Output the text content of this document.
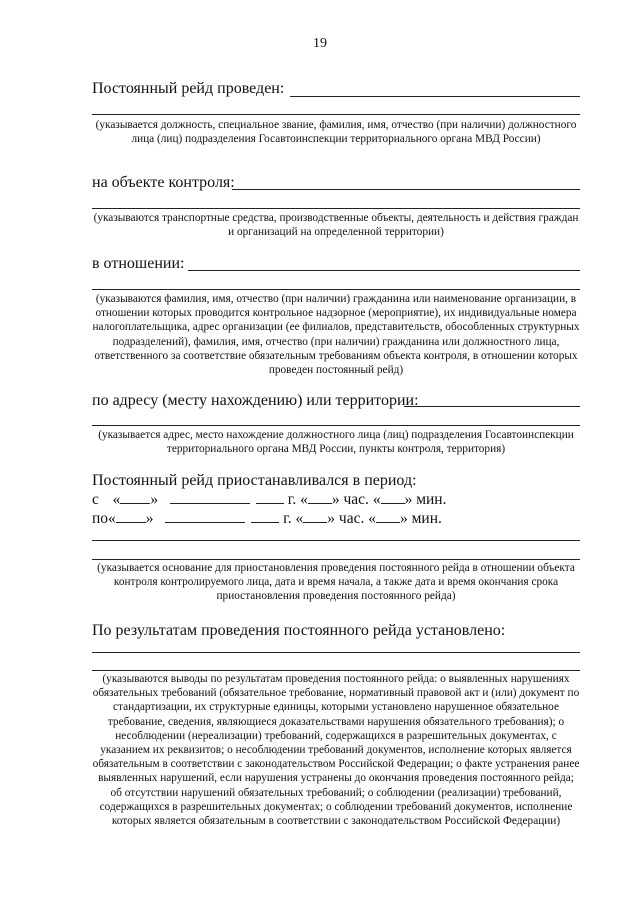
19
Постоянный рейд проведен:
(указывается должность, специальное звание, фамилия, имя, отчество (при наличии) должностного лица (лиц) подразделения Госавтоинспекции территориального органа МВД России)
на объекте контроля:
(указываются транспортные средства, производственные объекты, деятельность и действия граждан и организаций на определенной территории)
в отношении:
(указываются фамилия, имя, отчество (при наличии) гражданина или наименование организации, в отношении которых проводится контрольное надзорное (мероприятие), их индивидуальные номера налогоплательщика, адрес организации (ее филиалов, представительств, обособленных структурных подразделений), фамилия, имя, отчество (при наличии) гражданина или должностного лица, ответственного за соответствие обязательным требованиям объекта контроля, в отношении которых проведен постоянный рейд)
по адресу (месту нахождению) или территории:
(указывается адрес, место нахождение должностного лица (лиц) подразделения Госавтоинспекции территориального органа МВД России, пункты контроля, территория)
Постоянный рейд приостанавливался в период:
с « »	г. « » час. « » мин.
по« »	г. « » час. « » мин.
(указывается основание для приостановления проведения постоянного рейда в отношении объекта контроля контролируемого лица, дата и время начала, а также дата и время окончания срока приостановления проведения постоянного рейда)
По результатам проведения постоянного рейда установлено:
(указываются выводы по результатам проведения постоянного рейда: о выявленных нарушениях обязательных требований (обязательное требование, нормативный правовой акт и (или) документ по стандартизации, их структурные единицы, которыми установлено нарушенное обязательное требование, сведения, являющиеся доказательствами нарушения обязательного требования); о несоблюдении (нереализации) требований, содержащихся в разрешительных документах, с указанием их реквизитов; о несоблюдении требований документов, исполнение которых является обязательным в соответствии с законодательством Российской Федерации; о факте устранения ранее выявленных нарушений, если нарушения устранены до окончания проведения постоянного рейда; об отсутствии нарушений обязательных требований; о соблюдении (реализации) требований, содержащихся в разрешительных документах; о соблюдении требований документов, исполнение которых является обязательным в соответствии с законодательством Российской Федерации)
